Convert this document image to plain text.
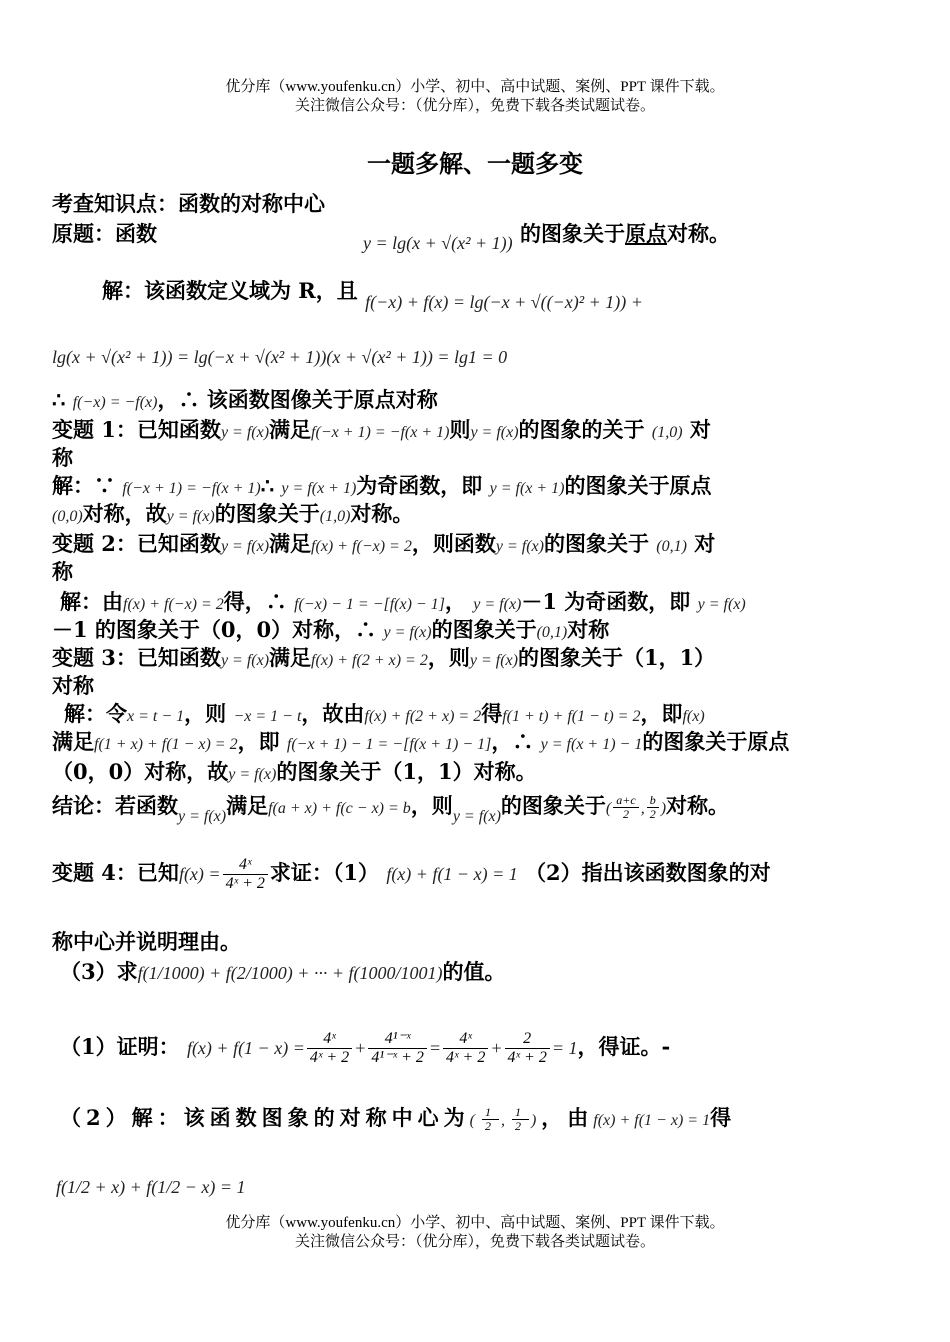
优分库（www.youfenku.cn）小学、初中、高中试题、案例、PPT 课件下载。
关注微信公众号：（优分库），免费下载各类试题试卷。
一题多解、一题多变
考查知识点：函数的对称中心
原题：函数	y = lg(x + √(x² + 1)) 的图象关于原点对称。
解：该函数定义域为 R，且 f(−x) + f(x) = lg(−x + √((−x)² + 1)) +
lg(x + √(x² + 1)) = lg(−x + √(x² + 1))(x + √(x² + 1)) = lg1 = 0
∴ f(−x) = −f(x)，∴ 该函数图像关于原点对称
变题 1：已知函数y = f(x)满足f(−x + 1) = −f(x + 1)则y = f(x)的图象的关于 (1,0) 对
称
解：∵ f(−x + 1) = −f(x + 1)∴ y = f(x + 1)为奇函数，即 y = f(x + 1)的图象关于原点
(0,0)对称，故y = f(x)的图象关于(1,0)对称。
变题 2：已知函数y = f(x)满足f(x) + f(−x) = 2，则函数y = f(x)的图象关于 (0,1) 对
称
解：由f(x) + f(−x) = 2得，∴ f(−x) − 1 = −[f(x) − 1]， y = f(x)－1 为奇函数，即 y = f(x)
－1 的图象关于（0，0）对称，∴ y = f(x)的图象关于(0,1)对称
变题 3：已知函数y = f(x)满足f(x) + f(2 + x) = 2，则y = f(x)的图象关于（1，1）
对称
解：令x = t − 1，则 −x = 1 − t，故由f(x) + f(2 + x) = 2得f(1 + t) + f(1 − t) = 2，即f(x)
满足f(1 + x) + f(1 − x) = 2，即 f(−x + 1) − 1 = −[f(x + 1) − 1]，∴ y = f(x + 1) − 1的图象关于原点
（0，0）对称，故y = f(x)的图象关于（1，1）对称。
结论：若函数$_{y = f(x)}$满足f(a + x) + f(c − x) = b，则$_{y = f(x)}$的图象关于( $\frac{a+c}{2}$ , $\frac{b}{2}$ )对称。
变题 4：已知$f(x) = \frac{\text{4ˣ}}{\text{4ˣ + 2}}$ 求证：（1） f(x) + f(1 − x) = 1 （2）指出该函数图象的对
称中心并说明理由。
（3）求f(1/1000) + f(2/1000) + ··· + f(1000/1001)的值。
（1）证明： $f(x) + f(1 - x) = \frac{\text{4ˣ}}{\text{4ˣ + 2}} + \frac{\text{4¹⁻ˣ}}{\text{4¹⁻ˣ + 2}} = \frac{\text{4ˣ}}{\text{4ˣ + 2}} + \frac{2}{\text{4ˣ + 2}} = 1$，得证。-
（2）解：该函数图象的对称中心为( $\frac{1}{2}$ , $\frac{1}{2}$ )，由f(x) + f(1 − x) = 1得
f(1/2 + x) + f(1/2 − x) = 1
优分库（www.youfenku.cn）小学、初中、高中试题、案例、PPT 课件下载。
关注微信公众号：（优分库），免费下载各类试题试卷。
